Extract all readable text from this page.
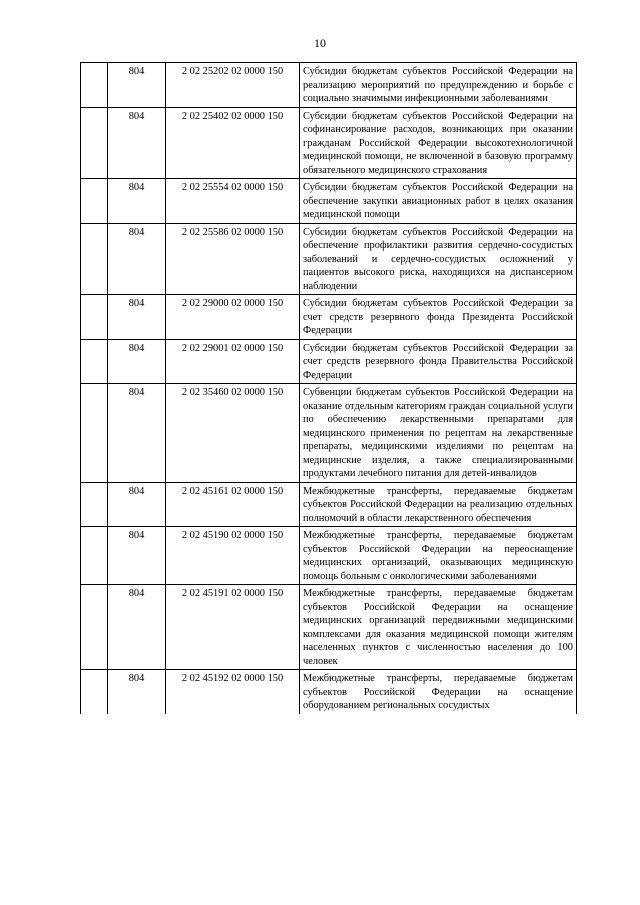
10
	804	2 02 25202 02 0000 150	Субсидии бюджетам субъектов Российской Федерации на реализацию мероприятий по предупреждению и борьбе с социально значимыми инфекционными заболеваниями

	804	2 02 25402 02 0000 150	Субсидии бюджетам субъектов Российской Федерации на софинансирование расходов, возникающих при оказании гражданам Российской Федерации высокотехнологичной медицинской помощи, не включенной в базовую программу обязательного медицинского страхования

	804	2 02 25554 02 0000 150	Субсидии бюджетам субъектов Российской Федерации на обеспечение закупки авиационных работ в целях оказания медицинской помощи

	804	2 02 25586 02 0000 150	Субсидии бюджетам субъектов Российской Федерации на обеспечение профилактики развития сердечно-сосудистых заболеваний и сердечно-сосудистых осложнений у пациентов высокого риска, находящихся на диспансерном наблюдении

	804	2 02 29000 02 0000 150	Субсидии бюджетам субъектов Российской Федерации за счет средств резервного фонда Президента Российской Федерации

	804	2 02 29001 02 0000 150	Субсидии бюджетам субъектов Российской Федерации за счет средств резервного фонда Правительства Российской Федерации

	804	2 02 35460 02 0000 150	Субвенции бюджетам субъектов Российской Федерации на оказание отдельным категориям граждан социальной услуги по обеспечению лекарственными препаратами для медицинского применения по рецептам на лекарственные препараты, медицинскими изделиями по рецептам на медицинские изделия, а также специализированными продуктами лечебного питания для детей-инвалидов

	804	2 02 45161 02 0000 150	Межбюджетные трансферты, передаваемые бюджетам субъектов Российской Федерации на реализацию отдельных полномочий в области лекарственного обеспечения

	804	2 02 45190 02 0000 150	Межбюджетные трансферты, передаваемые бюджетам субъектов Российской Федерации на переоснащение медицинских организаций, оказывающих медицинскую помощь больным с онкологическими заболеваниями

	804	2 02 45191 02 0000 150	Межбюджетные трансферты, передаваемые бюджетам субъектов Российской Федерации на оснащение медицинских организаций передвижными медицинскими комплексами для оказания медицинской помощи жителям населенных пунктов с численностью населения до 100 человек

	804	2 02 45192 02 0000 150	Межбюджетные трансферты, передаваемые бюджетам субъектов Российской Федерации на оснащение оборудованием региональных сосудистых
